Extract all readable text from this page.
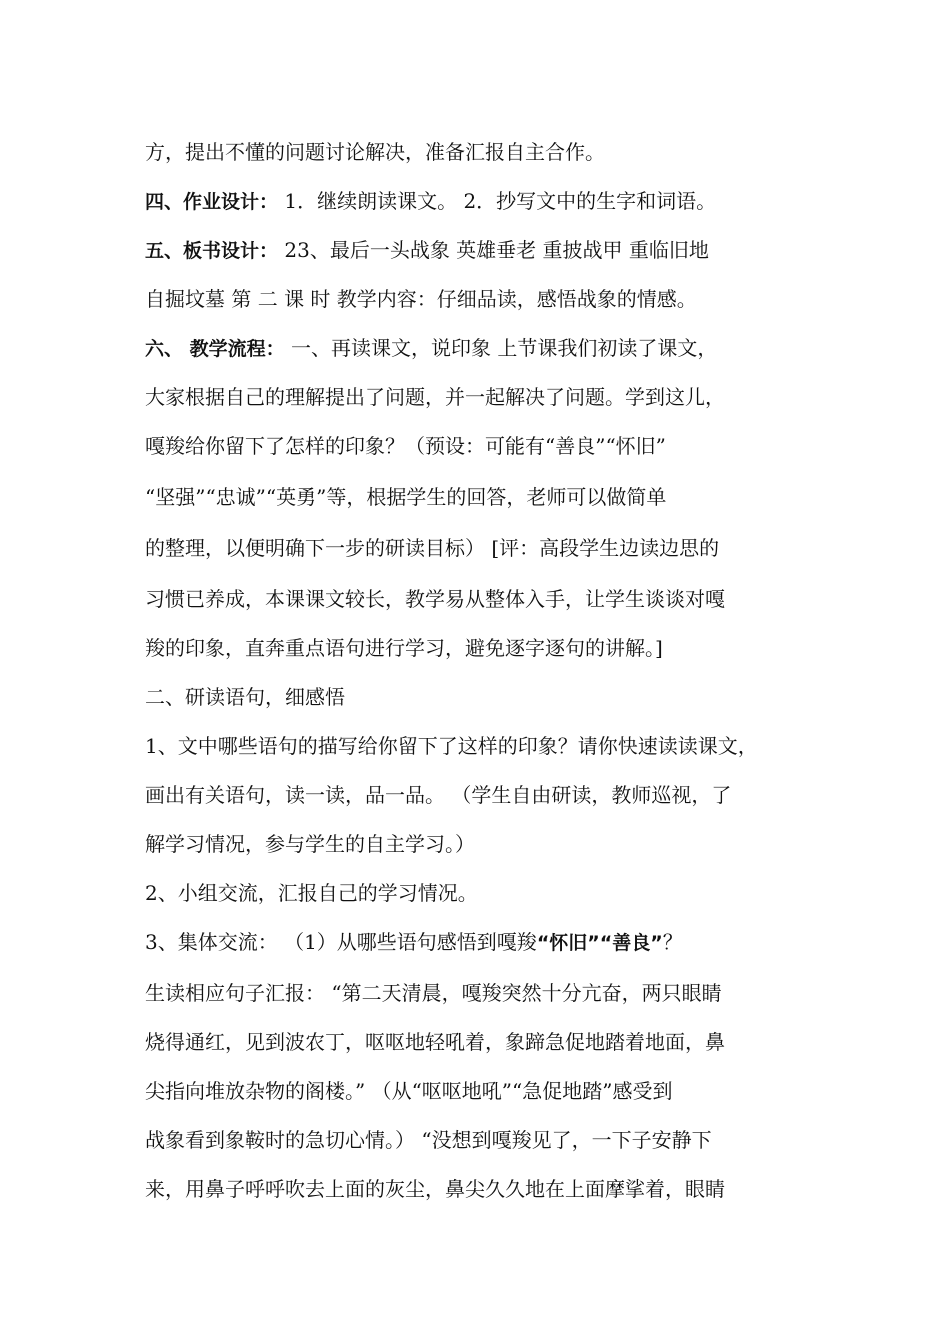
方，提出不懂的问题讨论解决，准备汇报自主合作。
四、作业设计： 1．继续朗读课文。 2．抄写文中的生字和词语。
五、板书设计： 23、最后一头战象 英雄垂老 重披战甲 重临旧地
自掘坟墓 第 二 课 时 教学内容：仔细品读，感悟战象的情感。
六、 教学流程： 一、再读课文，说印象 上节课我们初读了课文，
大家根据自己的理解提出了问题，并一起解决了问题。学到这儿，
嘎羧给你留下了怎样的印象？（预设：可能有“善良”“怀旧”
“坚强”“忠诚”“英勇”等，根据学生的回答，老师可以做简单
的整理，以便明确下一步的研读目标） [评：高段学生边读边思的
习惯已养成，本课课文较长，教学易从整体入手，让学生谈谈对嘎
羧的印象，直奔重点语句进行学习，避免逐字逐句的讲解。]
二、研读语句，细感悟
1、文中哪些语句的描写给你留下了这样的印象？请你快速读读课文，
画出有关语句，读一读，品一品。 （学生自由研读，教师巡视，了
解学习情况，参与学生的自主学习。）
2、小组交流，汇报自己的学习情况。
3、集体交流： （1）从哪些语句感悟到嘎羧“怀旧”“善良”？
生读相应句子汇报： “第二天清晨，嘎羧突然十分亢奋，两只眼睛
烧得通红，见到波农丁，呕呕地轻吼着，象蹄急促地踏着地面，鼻
尖指向堆放杂物的阁楼。” （从“呕呕地吼”“急促地踏”感受到
战象看到象鞍时的急切心情。） “没想到嘎羧见了，一下子安静下
来，用鼻子呼呼吹去上面的灰尘，鼻尖久久地在上面摩挲着，眼睛
